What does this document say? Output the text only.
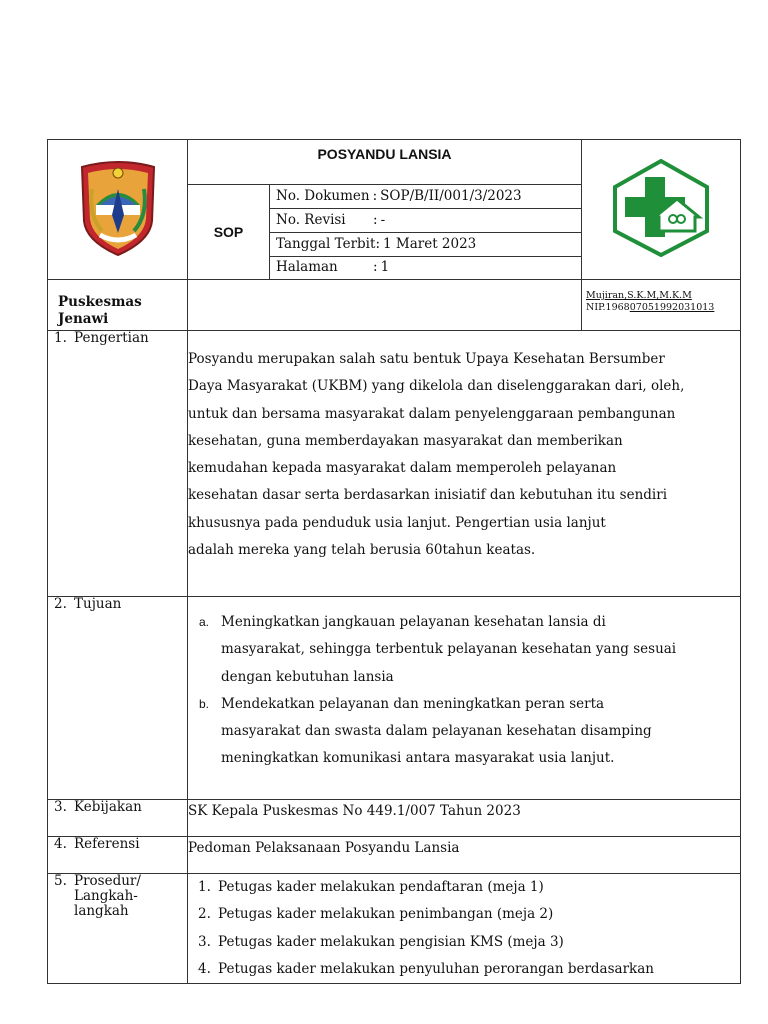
	POSYANDU LANSIA	
SOP	
No. Dokumen : SOP/B/II/001/3/2023
No. Revisi : -
Tanggal Terbit: 1 Maret 2023
Halaman	: 1

Puskesmas
Jenawi

Mujiran,S.K.M,M.K.M
NIP.196807051992031013

1. Pengertian	
Posyandu merupakan salah satu bentuk Upaya Kesehatan Bersumber
Daya Masyarakat (UKBM) yang dikelola dan diselenggarakan dari, oleh,
untuk dan bersama masyarakat dalam penyelenggaraan pembangunan
kesehatan, guna memberdayakan masyarakat dan memberikan
kemudahan kepada masyarakat dalam memperoleh pelayanan
kesehatan dasar serta berdasarkan inisiatif dan kebutuhan itu sendiri
khususnya pada penduduk usia lanjut. Pengertian usia lanjut
adalah mereka yang telah berusia 60tahun keatas.

2. Tujuan	
a. Meningkatkan jangkauan pelayanan kesehatan lansia di
masyarakat, sehingga terbentuk pelayanan kesehatan yang sesuai
dengan kebutuhan lansia
b. Mendekatkan pelayanan dan meningkatkan peran serta
masyarakat dan swasta dalam pelayanan kesehatan disamping
meningkatkan komunikasi antara masyarakat usia lanjut.

3. Kebijakan	SK Kepala Puskesmas No 449.1/007 Tahun 2023
4. Referensi	Pedoman Pelaksanaan Posyandu Lansia

5. Prosedur/
Langkah-
langkah

1. Petugas kader melakukan pendaftaran (meja 1)
2. Petugas kader melakukan penimbangan (meja 2)
3. Petugas kader melakukan pengisian KMS (meja 3)
4. Petugas kader melakukan penyuluhan perorangan berdasarkan
